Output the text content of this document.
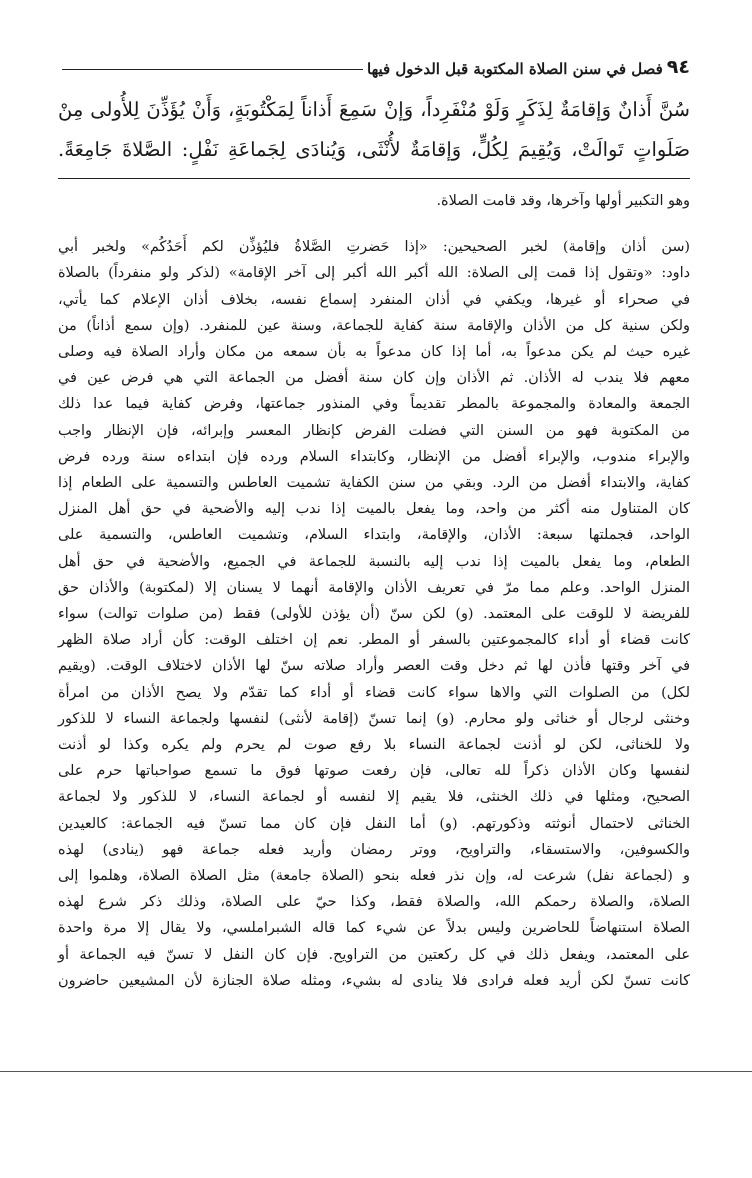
٩٤
فصل في سنن الصلاة المكتوبة قبل الدخول فيها

سُنَّ أَذانٌ وَإقامَةٌ لِذَكَرٍ وَلَوْ مُنْفَرِداً، وَإنْ سَمِعَ أَذاناً لِمَكْتُوبَةٍ، وَأَنْ يُؤَذِّنَ لِلأُولى مِنْ

صَلَواتٍ تَوالَتْ، وَيُقِيمَ لِكُلٍّ، وَإقامَةٌ لأُنْثَى، وَيُنادَى لِجَماعَةِ نَفْلٍ: الصَّلاةَ جَامِعَةً.

وهو التكبير أولها وآخرها، وقد قامت الصلاة.

(سن أذان وإقامة) لخبر الصحيحين: «إذا حَضرتِ الصَّلاةُ فليُؤذِّن لكم أَحَدُكُم» ولخبر أبي

داود: «وتقول إذا قمت إلى الصلاة: الله أكبر الله أكبر إلى آخر الإقامة» (لذكر ولو منفرداً) بالصلاة

في صحراء أو غيرها، ويكفي في أذان المنفرد إسماع نفسه، بخلاف أذان الإعلام كما يأتي،

ولكن سنية كل من الأذان والإقامة سنة كفاية للجماعة، وسنة عين للمنفرد. (وإن سمع أذاناً) من

غيره حيث لم يكن مدعواً به، أما إذا كان مدعواً به بأن سمعه من مكان وأراد الصلاة فيه وصلى

معهم فلا يندب له الأذان. ثم الأذان وإن كان سنة أفضل من الجماعة التي هي فرض عين في

الجمعة والمعادة والمجموعة بالمطر تقديماً وفي المنذور جماعتها، وفرض كفاية فيما عدا ذلك

من المكتوبة فهو من السنن التي فضلت الفرض كإنظار المعسر وإبرائه، فإن الإنظار واجب

والإبراء مندوب، والإبراء أفضل من الإنظار، وكابتداء السلام ورده فإن ابتداءه سنة ورده فرض

كفاية، والابتداء أفضل من الرد. وبقي من سنن الكفاية تشميت العاطس والتسمية على الطعام إذا

كان المتناول منه أكثر من واحد، وما يفعل بالميت إذا ندب إليه والأضحية في حق أهل المنزل

الواحد، فجملتها سبعة: الأذان، والإقامة، وابتداء السلام، وتشميت العاطس، والتسمية على

الطعام، وما يفعل بالميت إذا ندب إليه بالنسبة للجماعة في الجميع، والأضحية في حق أهل

المنزل الواحد. وعلم مما مرّ في تعريف الأذان والإقامة أنهما لا يسنان إلا (لمكتوبة) والأذان حق

للفريضة لا للوقت على المعتمد. (و) لكن سنّ (أن يؤذن للأولى) فقط (من صلوات توالت) سواء

كانت قضاء أو أداء كالمجموعتين بالسفر أو المطر. نعم إن اختلف الوقت: كأن أراد صلاة الظهر

في آخر وقتها فأذن لها ثم دخل وقت العصر وأراد صلاته سنّ لها الأذان لاختلاف الوقت. (ويقيم

لكل) من الصلوات التي والاها سواء كانت قضاء أو أداء كما تقدّم ولا يصح الأذان من امرأة

وخنثى لرجال أو خناثى ولو محارم. (و) إنما تسنّ (إقامة لأنثى) لنفسها ولجماعة النساء لا للذكور

ولا للخناثى، لكن لو أذنت لجماعة النساء بلا رفع صوت لم يحرم ولم يكره وكذا لو أذنت

لنفسها وكان الأذان ذكراً لله تعالى، فإن رفعت صوتها فوق ما تسمع صواحباتها حرم على

الصحيح، ومثلها في ذلك الخنثى، فلا يقيم إلا لنفسه أو لجماعة النساء، لا للذكور ولا لجماعة

الخناثى لاحتمال أنوثته وذكورتهم. (و) أما النفل فإن كان مما تسنّ فيه الجماعة: كالعيدين

والكسوفين، والاستسقاء، والتراويح، ووتر رمضان وأريد فعله جماعة فهو (ينادى) لهذه

و (لجماعة نفل) شرعت له، وإن نذر فعله بنحو (الصلاة جامعة) مثل الصلاة الصلاة، وهلموا إلى

الصلاة، والصلاة رحمكم الله، والصلاة فقط، وكذا حيّ على الصلاة، وذلك ذكر شرع لهذه

الصلاة استنهاضاً للحاضرين وليس بدلاً عن شيء كما قاله الشبراملسي، ولا يقال إلا مرة واحدة

على المعتمد، ويفعل ذلك في كل ركعتين من التراويح. فإن كان النفل لا تسنّ فيه الجماعة أو

كانت تسنّ لكن أريد فعله فرادى فلا ينادى له بشيء، ومثله صلاة الجنازة لأن المشيعين حاضرون
